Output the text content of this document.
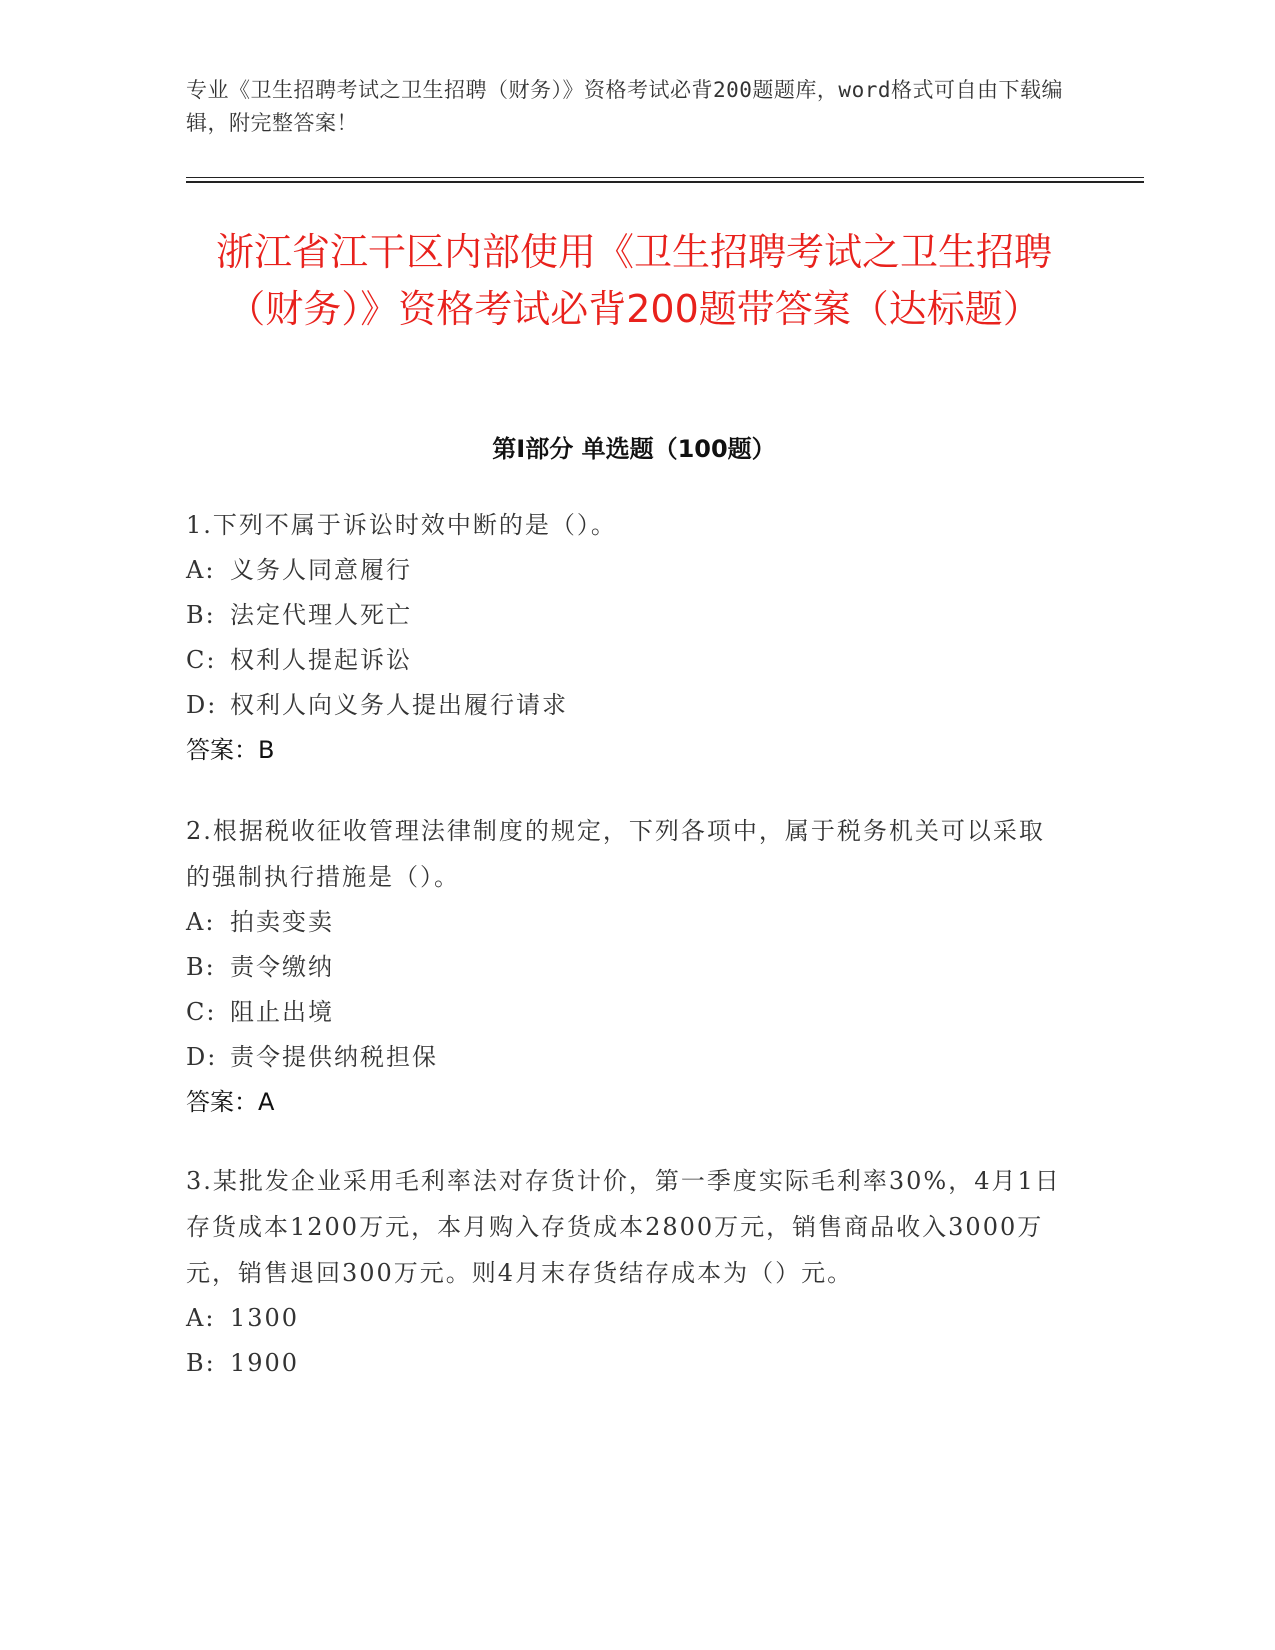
专业《卫生招聘考试之卫生招聘（财务）》资格考试必背200题题库，word格式可自由下载编辑，附完整答案！
浙江省江干区内部使用《卫生招聘考试之卫生招聘（财务）》资格考试必背200题带答案（达标题）
第I部分 单选题（100题）

1.下列不属于诉讼时效中断的是（）。

A: 义务人同意履行

B: 法定代理人死亡

C: 权利人提起诉讼

D: 权利人向义务人提出履行请求

答案：B

2.根据税收征收管理法律制度的规定，下列各项中，属于税务机关可以采取的强制执行措施是（）。

A: 拍卖变卖

B: 责令缴纳

C: 阻止出境

D: 责令提供纳税担保

答案：A

3.某批发企业采用毛利率法对存货计价，第一季度实际毛利率30%，4月1日存货成本1200万元，本月购入存货成本2800万元，销售商品收入3000万元，销售退回300万元。则4月末存货结存成本为（）元。

A: 1300

B: 1900
